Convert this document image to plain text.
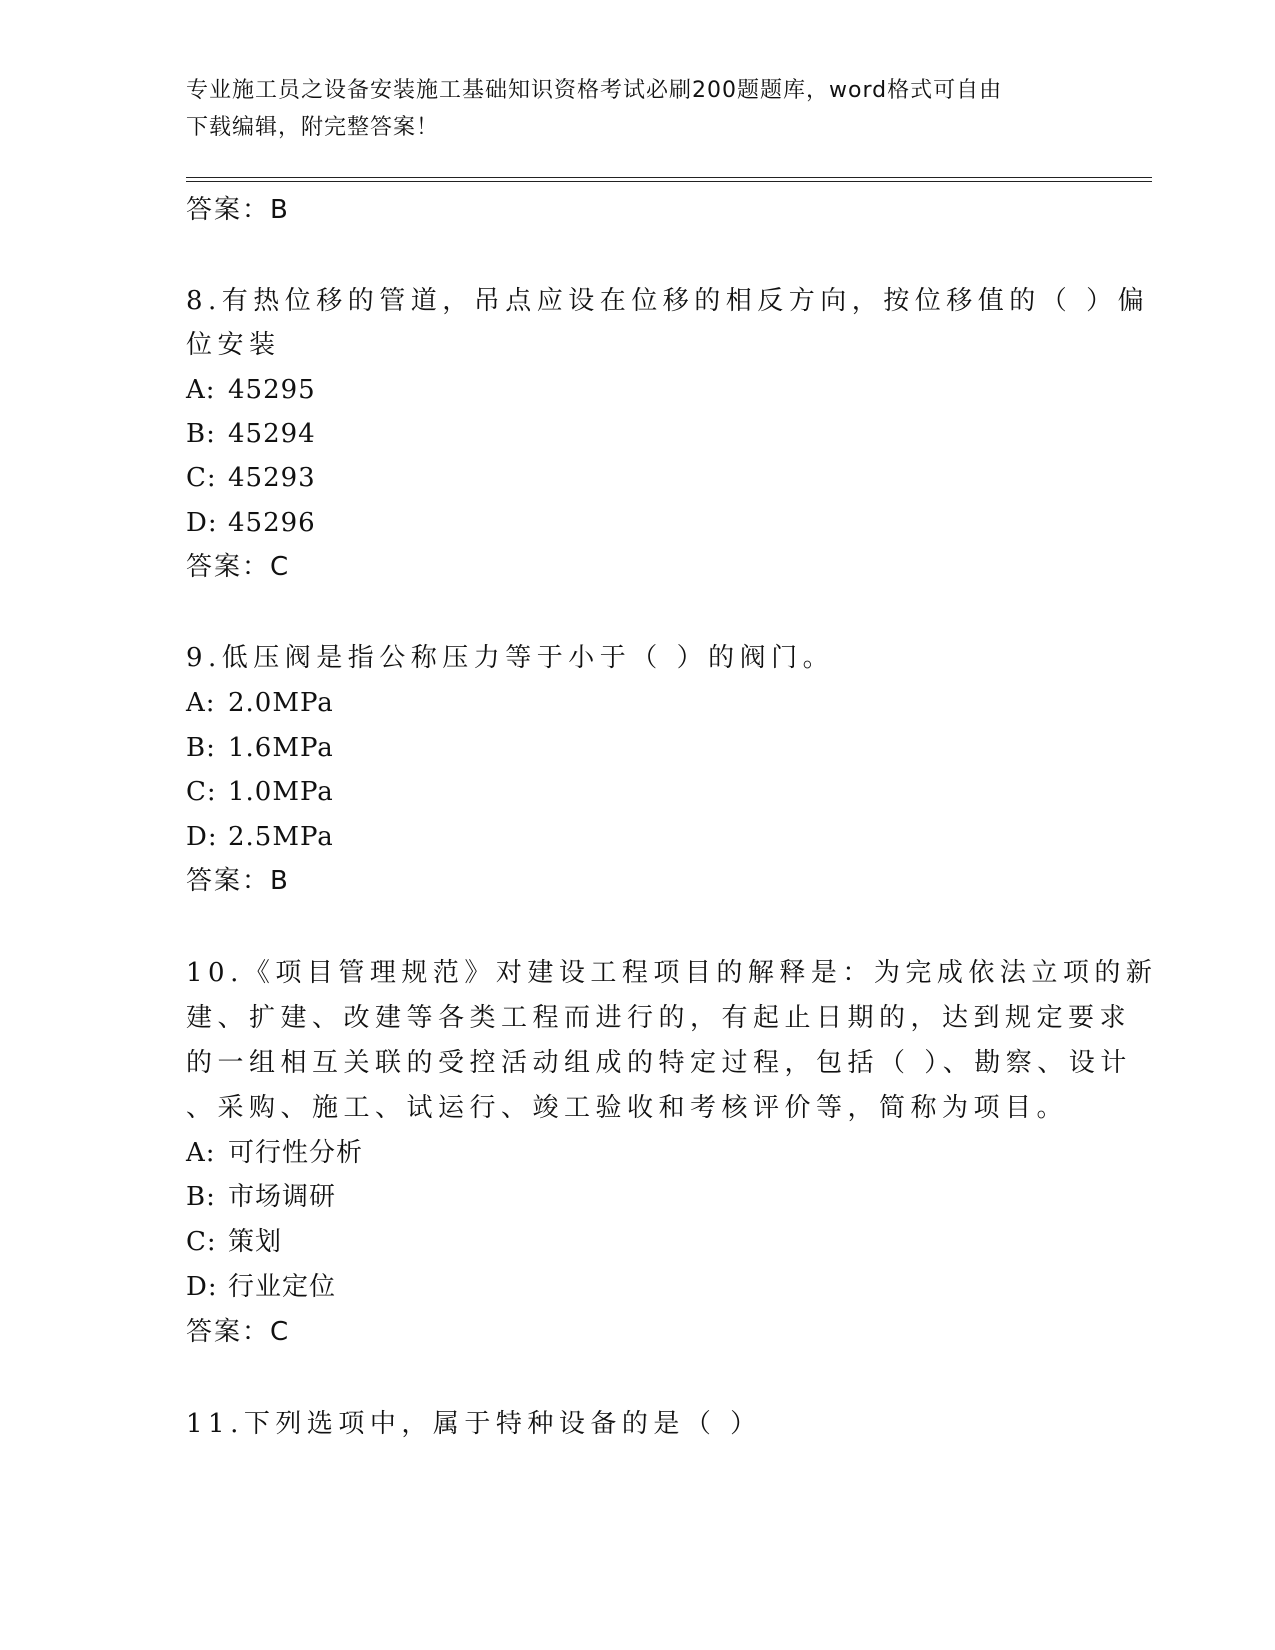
专业施工员之设备安装施工基础知识资格考试必刷200题题库，word格式可自由
下载编辑，附完整答案！
答案：B
8.有热位移的管道，吊点应设在位移的相反方向，按位移值的（ ）偏
位安装
A: 45295
B: 45294
C: 45293
D: 45296
答案：C
9.低压阀是指公称压力等于小于（ ）的阀门。
A: 2.0MPa
B: 1.6MPa
C: 1.0MPa
D: 2.5MPa
答案：B
10.《项目管理规范》对建设工程项目的解释是：为完成依法立项的新
建、扩建、改建等各类工程而进行的，有起止日期的，达到规定要求
的一组相互关联的受控活动组成的特定过程，包括（ ）、勘察、设计
、采购、施工、试运行、竣工验收和考核评价等，简称为项目。
A: 可行性分析
B: 市场调研
C: 策划
D: 行业定位
答案：C
11.下列选项中，属于特种设备的是（ ）
